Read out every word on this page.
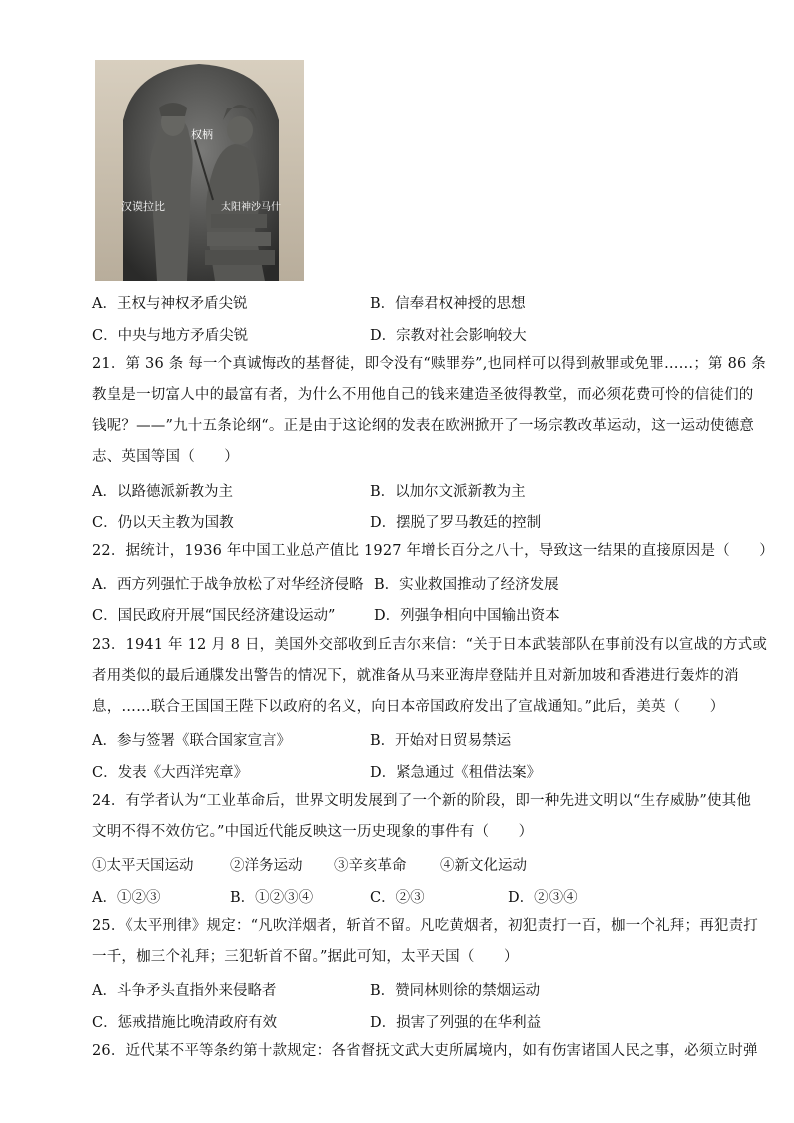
权柄
汉谟拉比	太阳神沙马什
A．王权与神权矛盾尖锐	B．信奉君权神授的思想
C．中央与地方矛盾尖锐	D．宗教对社会影响较大
21．第 36 条 每一个真诚悔改的基督徒，即令没有“赎罪券”,也同样可以得到赦罪或免罪……；第 86 条
教皇是一切富人中的最富有者，为什么不用他自己的钱来建造圣彼得教堂，而必须花费可怜的信徒们的
钱呢？——”九十五条论纲“。正是由于这论纲的发表在欧洲掀开了一场宗教改革运动，这一运动使德意
志、英国等国（　　）
A．以路德派新教为主	B．以加尔文派新教为主
C．仍以天主教为国教	D．摆脱了罗马教廷的控制
22．据统计，1936 年中国工业总产值比 1927 年增长百分之八十，导致这一结果的直接原因是（　　）
A．西方列强忙于战争放松了对华经济侵略 B．实业救国推动了经济发展
C．国民政府开展“国民经济建设运动”	D．列强争相向中国输出资本
23．1941 年 12 月 8 日，美国外交部收到丘吉尔来信：“关于日本武装部队在事前没有以宣战的方式或
者用类似的最后通牒发出警告的情况下，就准备从马来亚海岸登陆并且对新加坡和香港进行轰炸的消
息，……联合王国国王陛下以政府的名义，向日本帝国政府发出了宣战通知。”此后，美英（　　）
A．参与签署《联合国家宣言》	B．开始对日贸易禁运
C．发表《大西洋宪章》	D．紧急通过《租借法案》
24．有学者认为“工业革命后，世界文明发展到了一个新的阶段，即一种先进文明以“生存威胁”使其他
文明不得不效仿它。”中国近代能反映这一历史现象的事件有（　　）
①太平天国运动	②洋务运动 ③辛亥革命 ④新文化运动
A．①②③	B．①②③④	C．②③	D．②③④
25．《太平刑律》规定：“凡吹洋烟者，斩首不留。凡吃黄烟者，初犯责打一百，枷一个礼拜；再犯责打
一千，枷三个礼拜；三犯斩首不留。”据此可知，太平天国（　　）
A．斗争矛头直指外来侵略者	B．赞同林则徐的禁烟运动
C．惩戒措施比晚清政府有效	D．损害了列强的在华利益
26．近代某不平等条约第十款规定：各省督抚文武大吏所属境内，如有伤害诸国人民之事，必须立时弹
